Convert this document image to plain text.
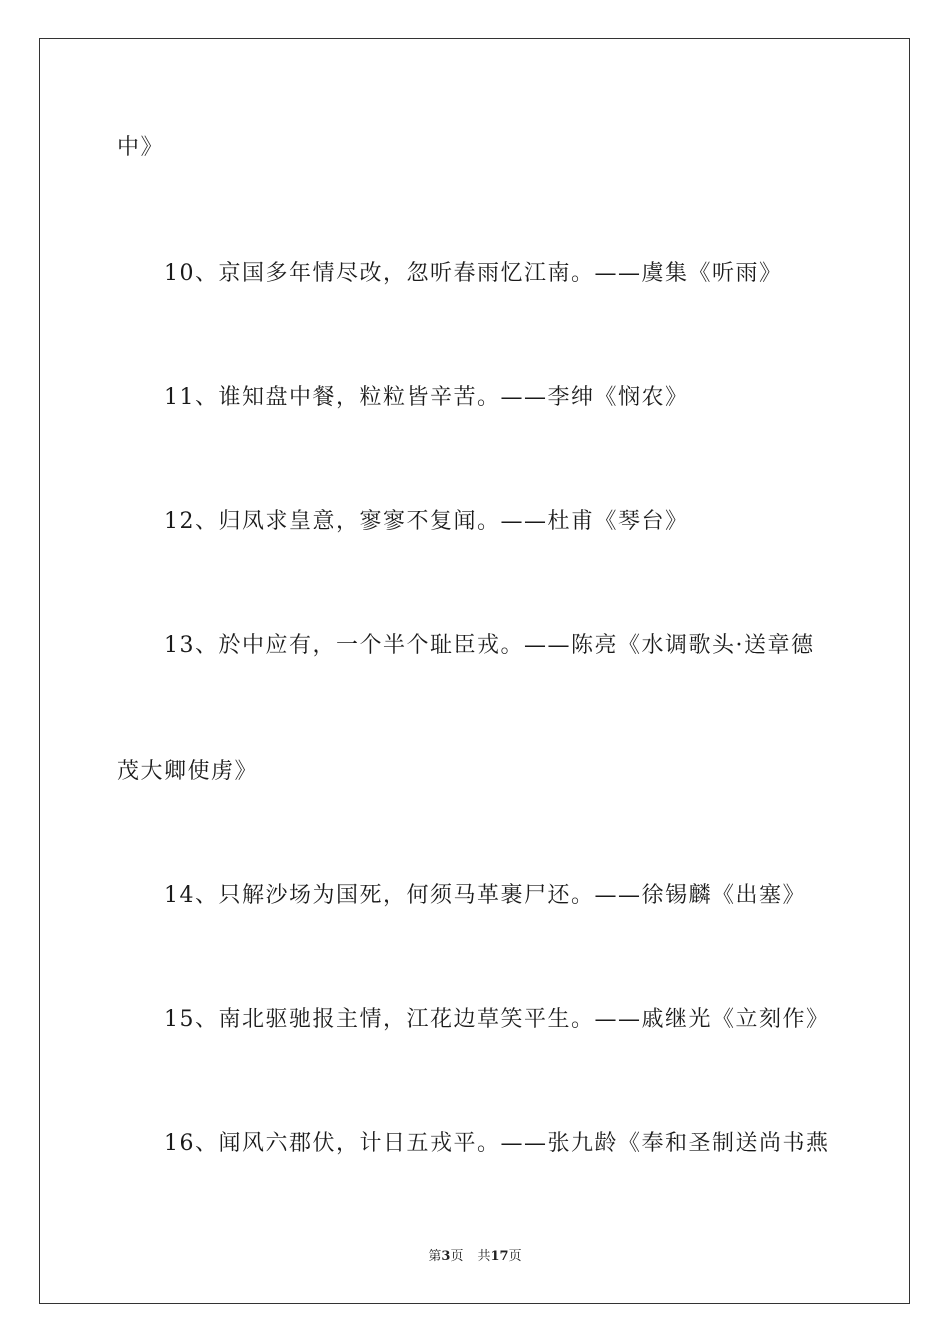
中》
10、京国多年情尽改，忽听春雨忆江南。——虞集《听雨》
11、谁知盘中餐，粒粒皆辛苦。——李绅《悯农》
12、归凤求皇意，寥寥不复闻。——杜甫《琴台》
13、於中应有，一个半个耻臣戎。——陈亮《水调歌头·送章德
茂大卿使虏》
14、只解沙场为国死，何须马革裹尸还。——徐锡麟《出塞》
15、南北驱驰报主情，江花边草笑平生。——戚继光《立刻作》
16、闻风六郡伏，计日五戎平。——张九龄《奉和圣制送尚书燕
第3页 共17页
